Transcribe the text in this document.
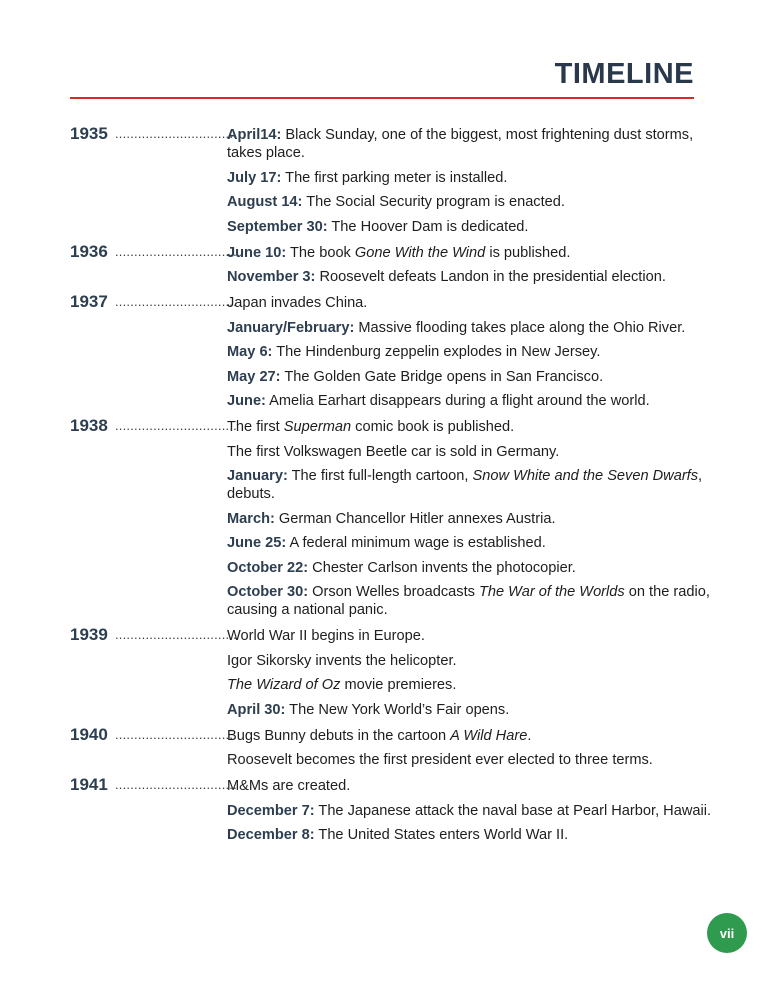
TIMELINE
1935 ................................
April14: Black Sunday, one of the biggest, most frightening dust storms, takes place.
July 17: The first parking meter is installed.
August 14: The Social Security program is enacted.
September 30: The Hoover Dam is dedicated.
1936 ................................
June 10: The book Gone With the Wind is published.
November 3: Roosevelt defeats Landon in the presidential election.
1937 ................................
Japan invades China.
January/February: Massive flooding takes place along the Ohio River.
May 6: The Hindenburg zeppelin explodes in New Jersey.
May 27: The Golden Gate Bridge opens in San Francisco.
June: Amelia Earhart disappears during a flight around the world.
1938 ................................
The first Superman comic book is published.
The first Volkswagen Beetle car is sold in Germany.
January: The first full-length cartoon, Snow White and the Seven Dwarfs, debuts.
March: German Chancellor Hitler annexes Austria.
June 25: A federal minimum wage is established.
October 22: Chester Carlson invents the photocopier.
October 30: Orson Welles broadcasts The War of the Worlds on the radio, causing a national panic.
1939 ................................
World War II begins in Europe.
Igor Sikorsky invents the helicopter.
The Wizard of Oz movie premieres.
April 30: The New York World’s Fair opens.
1940 ................................
Bugs Bunny debuts in the cartoon A Wild Hare.
Roosevelt becomes the first president ever elected to three terms.
1941 ................................
M&Ms are created.
December 7: The Japanese attack the naval base at Pearl Harbor, Hawaii.
December 8: The United States enters World War II.
vii
